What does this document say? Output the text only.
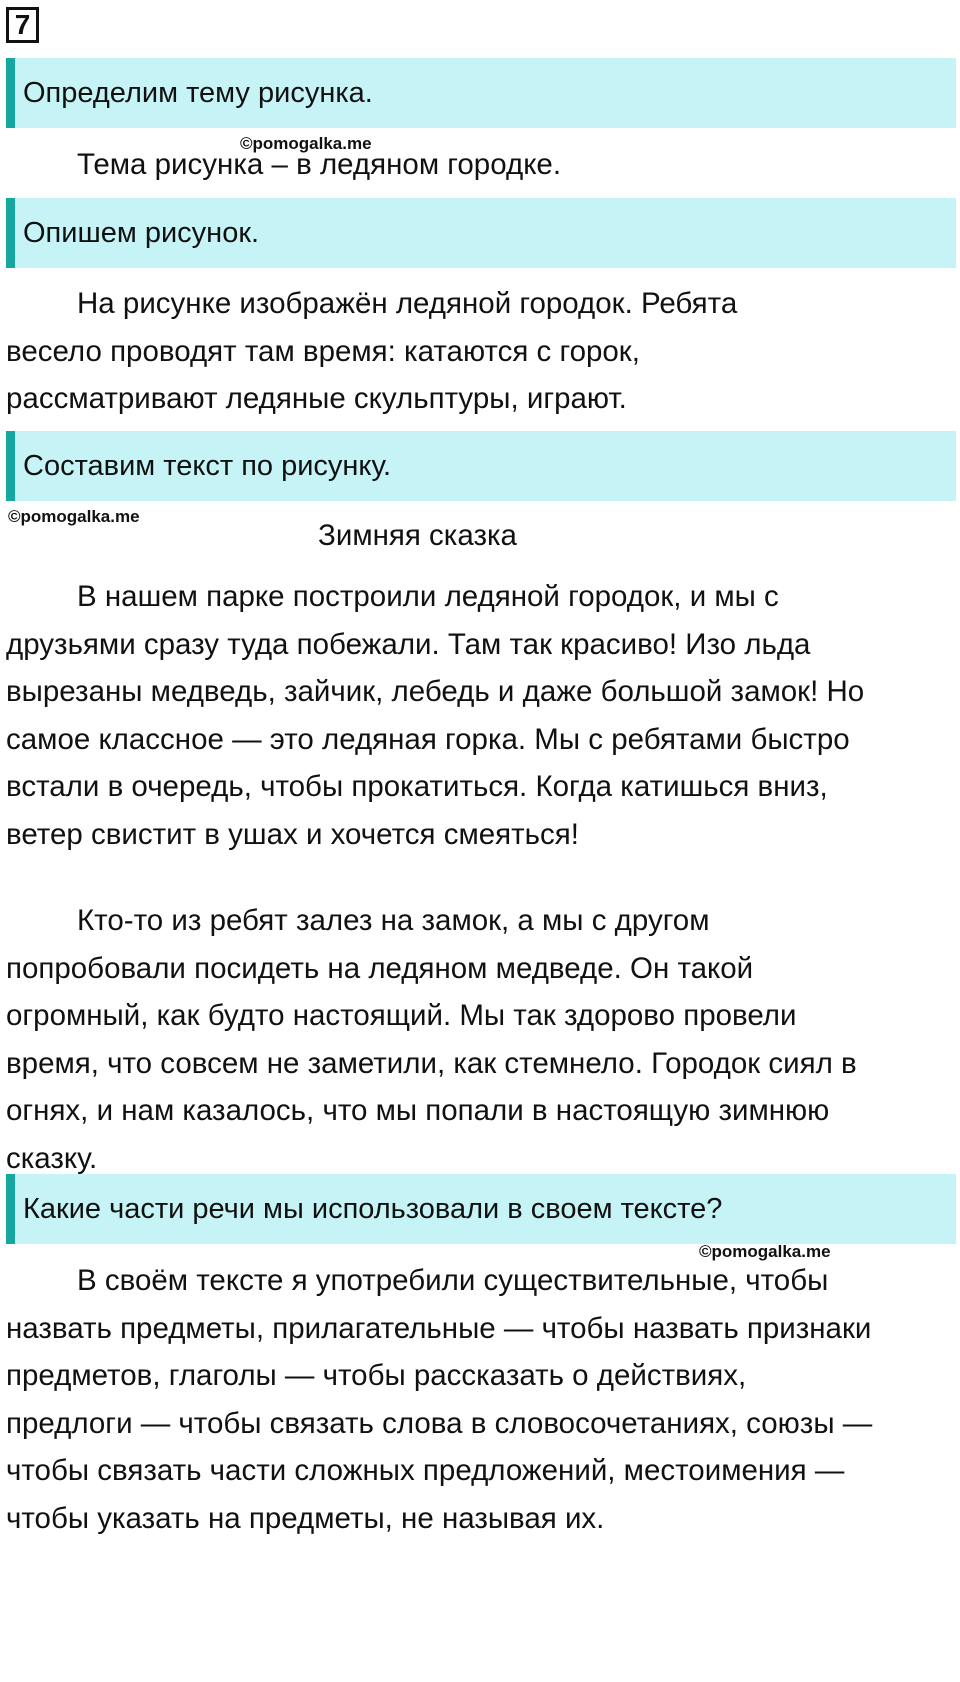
7
Определим тему рисунка.
©pomogalka.me

Тема рисунка – в ледяном городке.

Опишем рисунок.

На рисунке изображён ледяной городок. Ребята весело проводят там время: катаются с горок, рассматривают ледяные скульптуры, играют.

Составим текст по рисунку.
©pomogalka.me
Зимняя сказка

В нашем парке построили ледяной городок, и мы с друзьями сразу туда побежали. Там так красиво! Изо льда вырезаны медведь, зайчик, лебедь и даже большой замок! Но самое классное — это ледяная горка. Мы с ребятами быстро встали в очередь, чтобы прокатиться. Когда катишься вниз, ветер свистит в ушах и хочется смеяться!

Кто-то из ребят залез на замок, а мы с другом попробовали посидеть на ледяном медведе. Он такой огромный, как будто настоящий. Мы так здорово провели время, что совсем не заметили, как стемнело. Городок сиял в огнях, и нам казалось, что мы попали в настоящую зимнюю сказку.

Какие части речи мы использовали в своем тексте?
©pomogalka.me

В своём тексте я употребили существительные, чтобы назвать предметы, прилагательные — чтобы назвать признаки предметов, глаголы — чтобы рассказать о действиях, предлоги — чтобы связать слова в словосочетаниях, союзы — чтобы связать части сложных предложений, местоимения — чтобы указать на предметы, не называя их.
